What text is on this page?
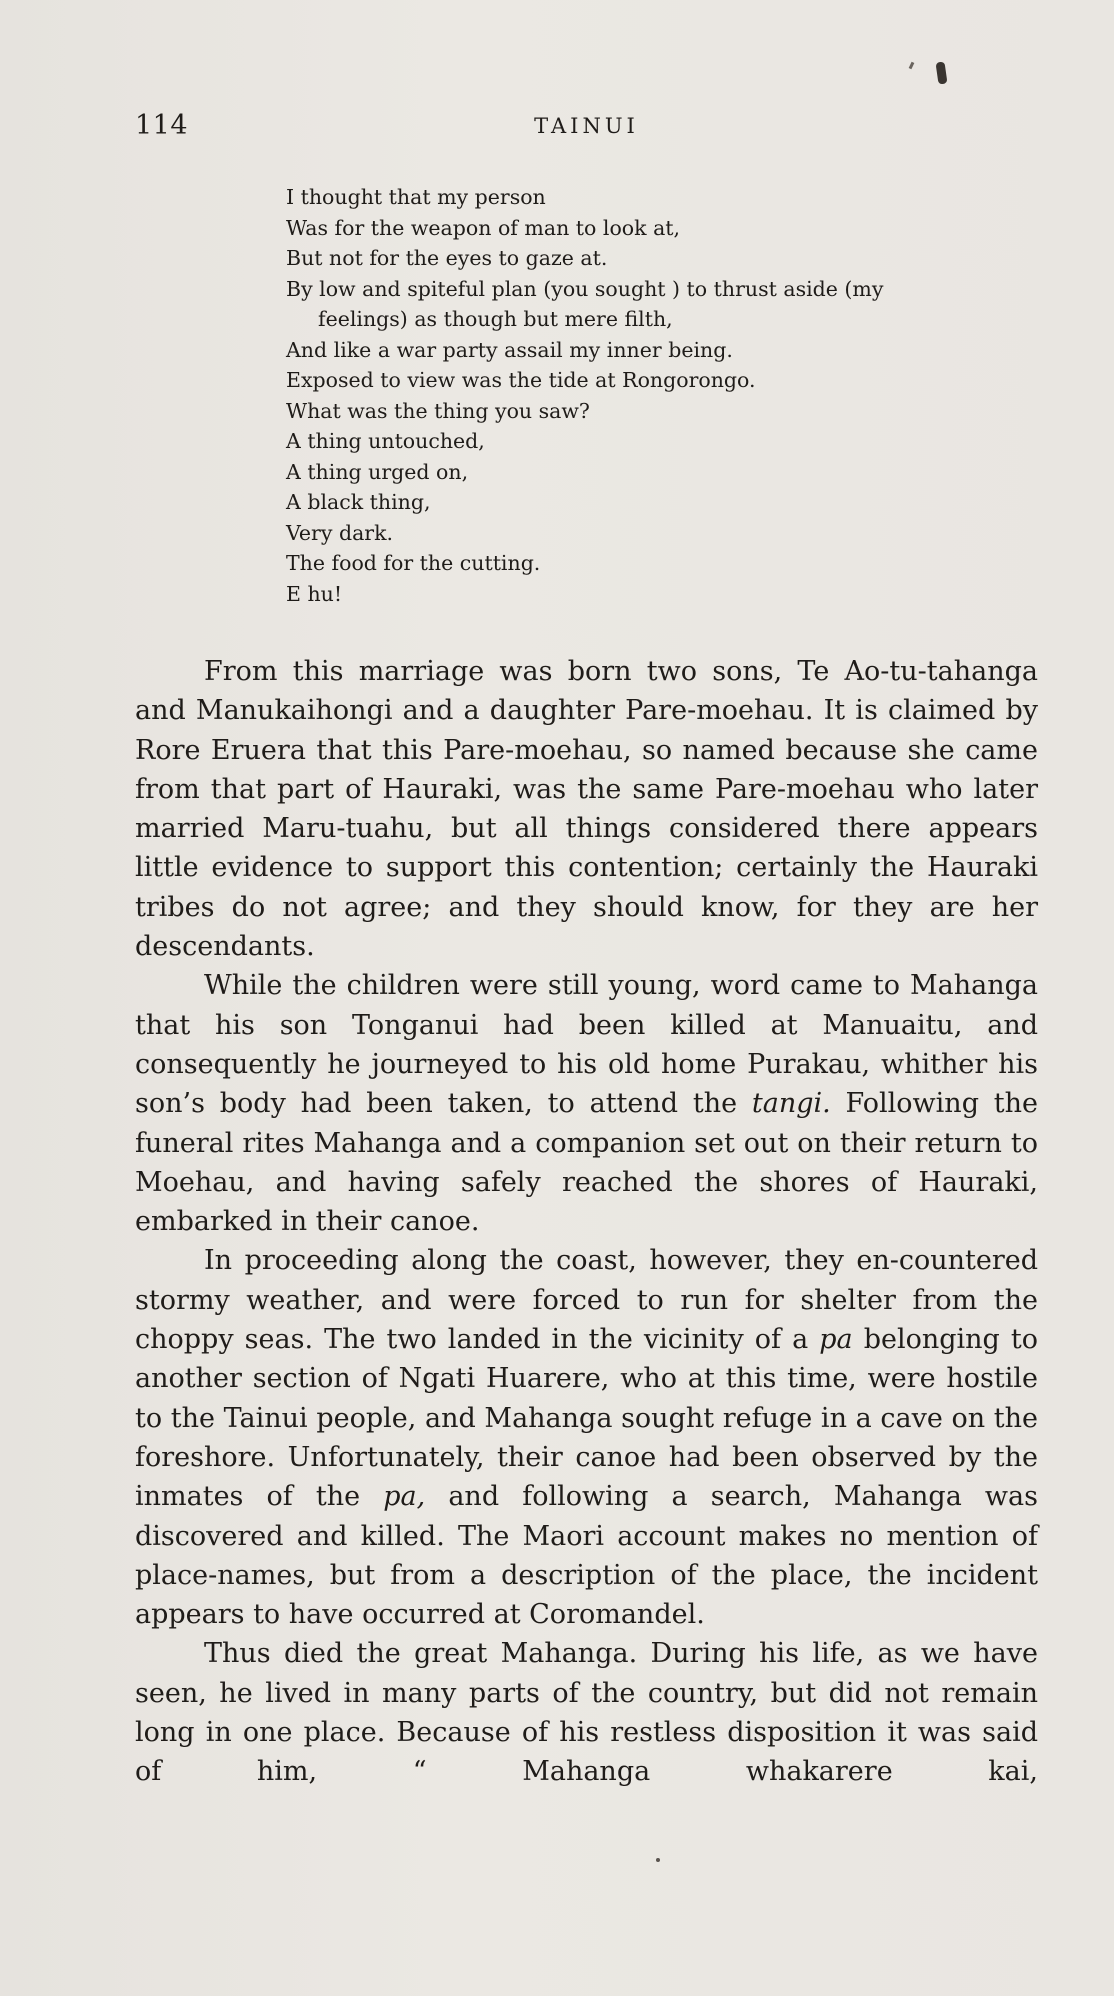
114	TAINUI
I thought that my person
Was for the weapon of man to look at,
But not for the eyes to gaze at.
By low and spiteful plan (you sought ) to thrust aside (my
feelings) as though but mere filth,
And like a war party assail my inner being.
Exposed to view was the tide at Rongorongo.
What was the thing you saw?
A thing untouched,
A thing urged on,
A black thing,
Very dark.
The food for the cutting.
E hu!

From this marriage was born two sons, Te Ao-tu-tahanga and Manukaihongi and a daughter Pare-moehau. It is claimed by Rore Eruera that this Pare-moehau, so named because she came from that part of Hauraki, was the same Pare-moehau who later married Maru-tuahu, but all things considered there appears little evidence to support this contention; certainly the Hauraki tribes do not agree; and they should know, for they are her descendants.

While the children were still young, word came to Mahanga that his son Tonganui had been killed at Manuaitu, and consequently he journeyed to his old home Purakau, whither his son’s body had been taken, to attend the tangi. Following the funeral rites Mahanga and a companion set out on their return to Moehau, and having safely reached the shores of Hauraki, embarked in their canoe.

In proceeding along the coast, however, they en-countered stormy weather, and were forced to run for shelter from the choppy seas. The two landed in the vicinity of a pa belonging to another section of Ngati Huarere, who at this time, were hostile to the Tainui people, and Mahanga sought refuge in a cave on the foreshore. Unfortunately, their canoe had been observed by the inmates of the pa, and following a search, Mahanga was discovered and killed. The Maori account makes no mention of place-names, but from a description of the place, the incident appears to have occurred at Coromandel.

Thus died the great Mahanga. During his life, as we have seen, he lived in many parts of the country, but did not remain long in one place. Because of his restless disposition it was said of him, “ Mahanga whakarere kai,
